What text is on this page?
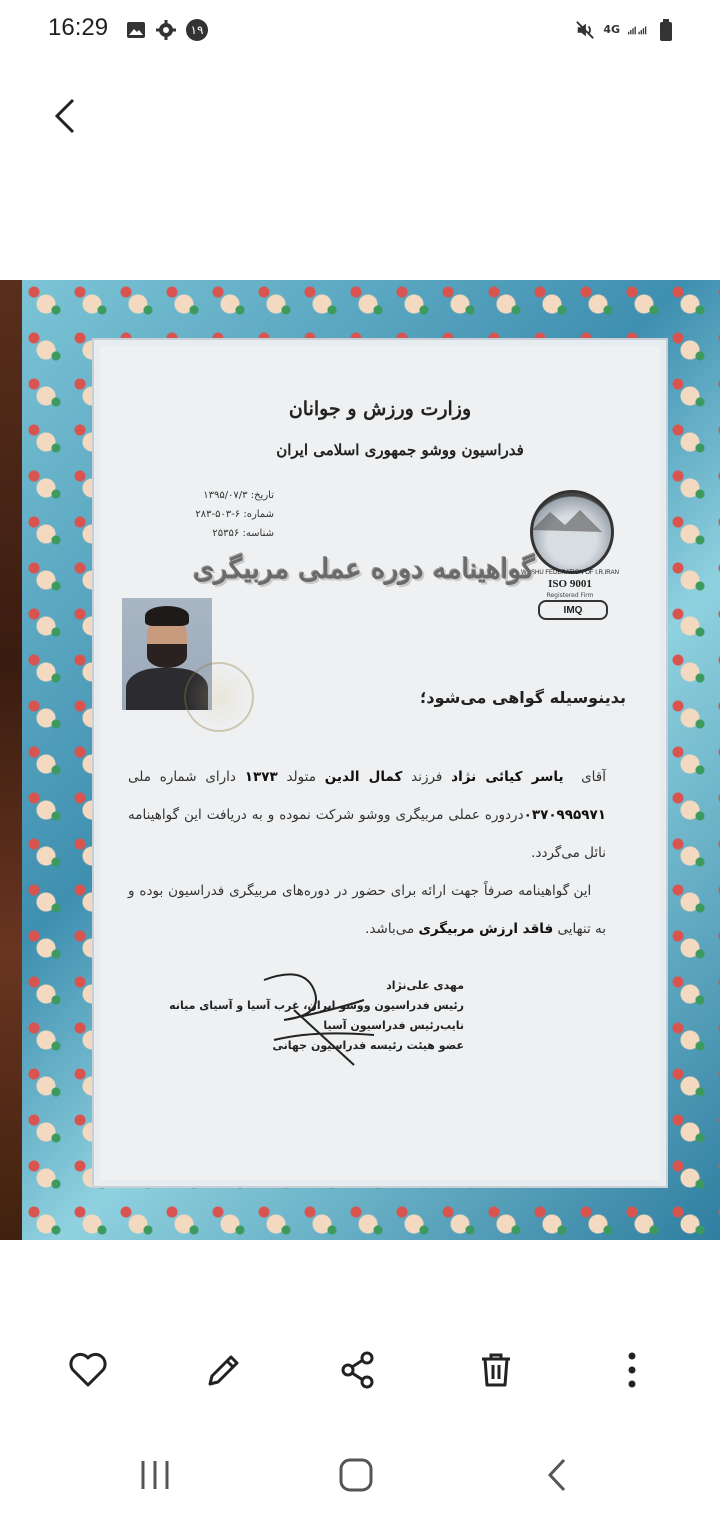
16:29	۱۹	4G
وزارت ورزش و جوانان
فدراسیون ووشو جمهوری اسلامی ایران
تاریخ: ۱۳۹۵/۰۷/۳
شماره: ۶-۵۰۳-۲۸۳
شناسه: ۲۵۳۵۶
WUSHU FEDERATION OF I.R.IRAN
ISO 9001
Registered Firm
IMQ
گواهینامه دوره عملی مربیگری
بدینوسیله گواهی می‌شود؛
آقای  یاسر کیائی نژاد فرزند کمال الدین متولد ۱۳۷۳ دارای شماره ملی ۰۳۷۰۹۹۵۹۷۱دردوره عملی مربیگری ووشو شرکت نموده و به دریافت این گواهینامه نائل می‌گردد.
این گواهینامه صرفاً جهت ارائه برای حضور در دوره‌های مربیگری فدراسیون بوده و به تنهایی فاقد ارزش مربیگری می‌باشد.
مهدی علی‌نژاد
رئیس فدراسیون ووشو ایران، غرب آسیا و آسیای میانه
نایب‌رئیس فدراسیون آسیا
عضو هیئت رئیسه فدراسیون جهانی
